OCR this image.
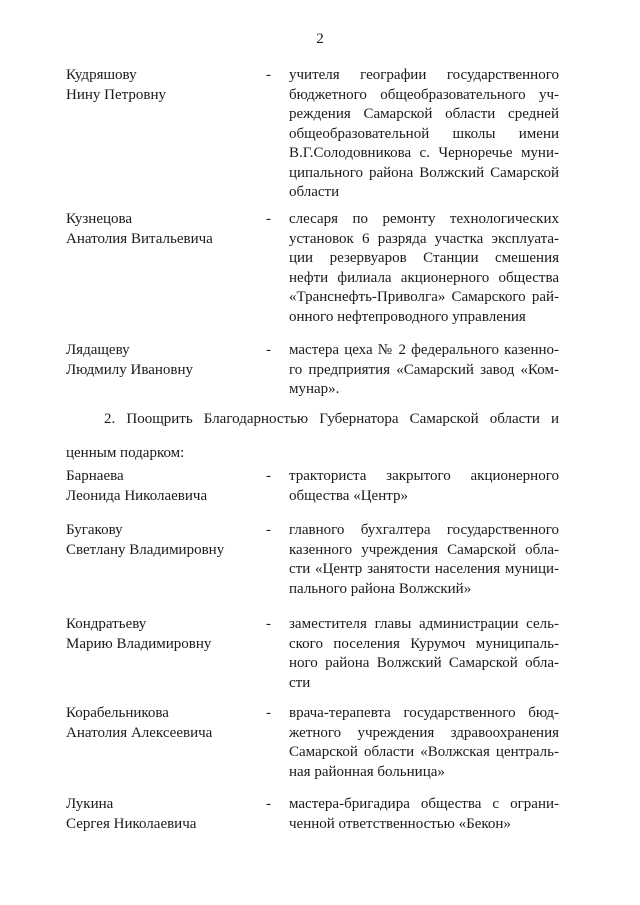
2
Кудряшову
Нину Петровну
- учителя географии государственного
бюджетного общеобразовательного уч-
реждения Самарской области средней
общеобразовательной школы имени
В.Г.Солодовникова с. Черноречье муни-
ципального района Волжский Самарской
области
Кузнецова
Анатолия Витальевича
- слесаря по ремонту технологических
установок 6 разряда участка эксплуата-
ции резервуаров Станции смешения
нефти филиала акционерного общества
«Транснефть-Приволга» Самарского рай-
онного нефтепроводного управления
Лядащеву
Людмилу Ивановну
- мастера цеха № 2 федерального казенно-
го предприятия «Самарский завод «Ком-
мунар».
2. Поощрить Благодарностью Губернатора Самарской области и
ценным подарком:
Барнаева
Леонида Николаевича
- тракториста закрытого акционерного
общества «Центр»
Бугакову
Светлану Владимировну
- главного бухгалтера государственного
казенного учреждения Самарской обла-
сти «Центр занятости населения муници-
пального района Волжский»
Кондратьеву
Марию Владимировну
- заместителя главы администрации сель-
ского поселения Курумоч муниципаль-
ного района Волжский Самарской обла-
сти
Корабельникова
Анатолия Алексеевича
- врача-терапевта государственного бюд-
жетного учреждения здравоохранения
Самарской области «Волжская централь-
ная районная больница»
Лукина
Сергея Николаевича
- мастера-бригадира общества с ограни-
ченной ответственностью «Бекон»
